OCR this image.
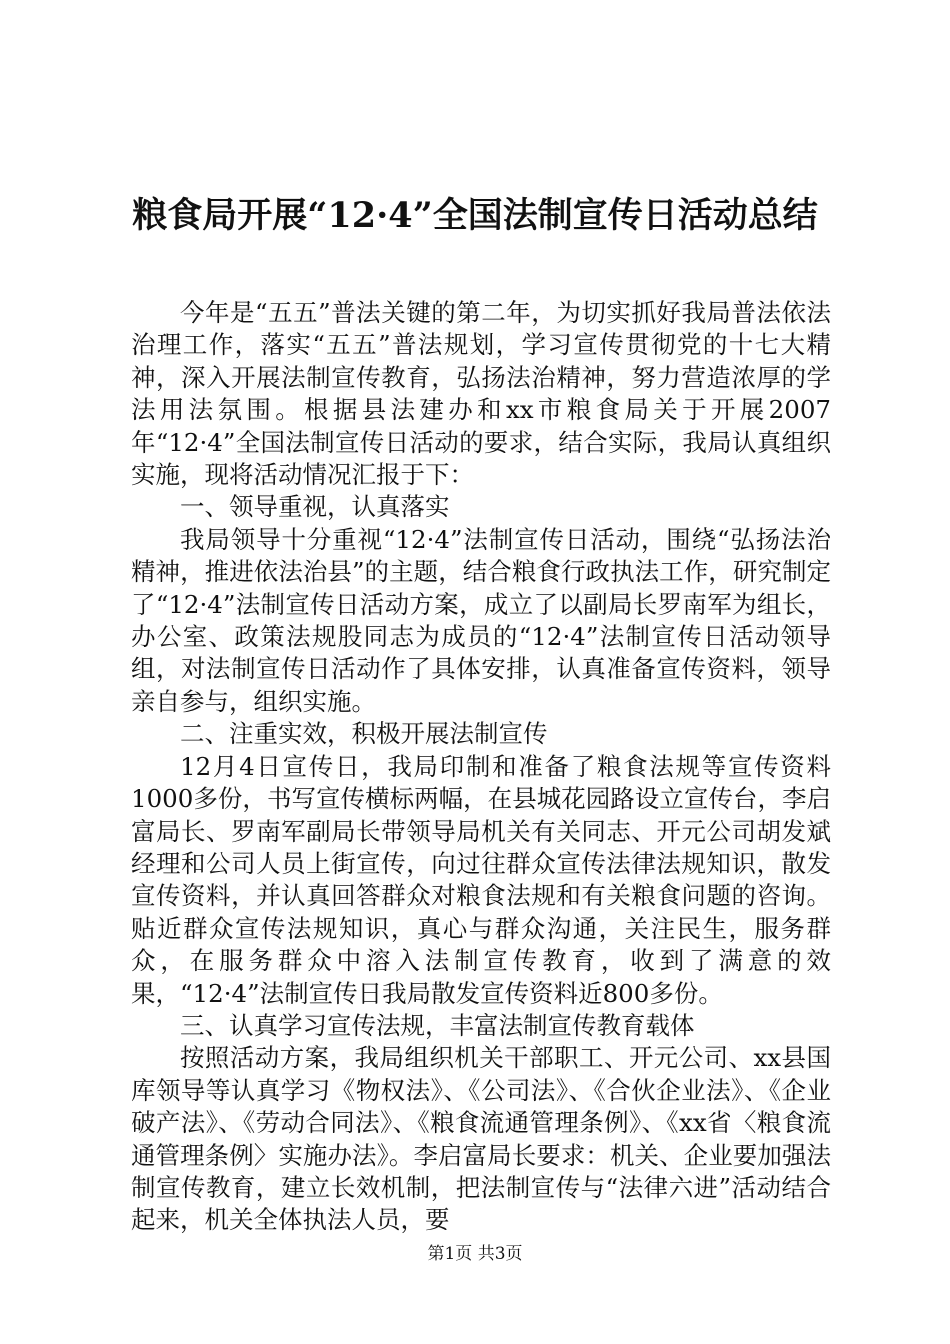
粮食局开展“12·4”全国法制宣传日活动总结

今年是“五五”普法关键的第二年，为切实抓好我局普法依法治理工作，落实“五五”普法规划，学习宣传贯彻党的十七大精神，深入开展法制宣传教育，弘扬法治精神，努力营造浓厚的学法用法氛围。根据县法建办和xx市粮食局关于开展2007年“12·4”全国法制宣传日活动的要求，结合实际，我局认真组织实施，现将活动情况汇报于下：

一、领导重视，认真落实

我局领导十分重视“12·4”法制宣传日活动，围绕“弘扬法治精神，推进依法治县”的主题，结合粮食行政执法工作，研究制定了“12·4”法制宣传日活动方案，成立了以副局长罗南军为组长，办公室、政策法规股同志为成员的“12·4”法制宣传日活动领导组，对法制宣传日活动作了具体安排，认真准备宣传资料，领导亲自参与，组织实施。

二、注重实效，积极开展法制宣传

12月4日宣传日，我局印制和准备了粮食法规等宣传资料1000多份，书写宣传横标两幅，在县城花园路设立宣传台，李启富局长、罗南军副局长带领导局机关有关同志、开元公司胡发斌经理和公司人员上街宣传，向过往群众宣传法律法规知识，散发宣传资料，并认真回答群众对粮食法规和有关粮食问题的咨询。贴近群众宣传法规知识，真心与群众沟通，关注民生，服务群众，在服务群众中溶入法制宣传教育，收到了满意的效果，“12·4”法制宣传日我局散发宣传资料近800多份。

三、认真学习宣传法规，丰富法制宣传教育载体

按照活动方案，我局组织机关干部职工、开元公司、xx县国库领导等认真学习《物权法》、《公司法》、《合伙企业法》、《企业破产法》、《劳动合同法》、《粮食流通管理条例》、《xx省〈粮食流通管理条例〉实施办法》。李启富局长要求：机关、企业要加强法制宣传教育，建立长效机制，把法制宣传与“法律六进”活动结合起来，机关全体执法人员，要

第1页 共3页
